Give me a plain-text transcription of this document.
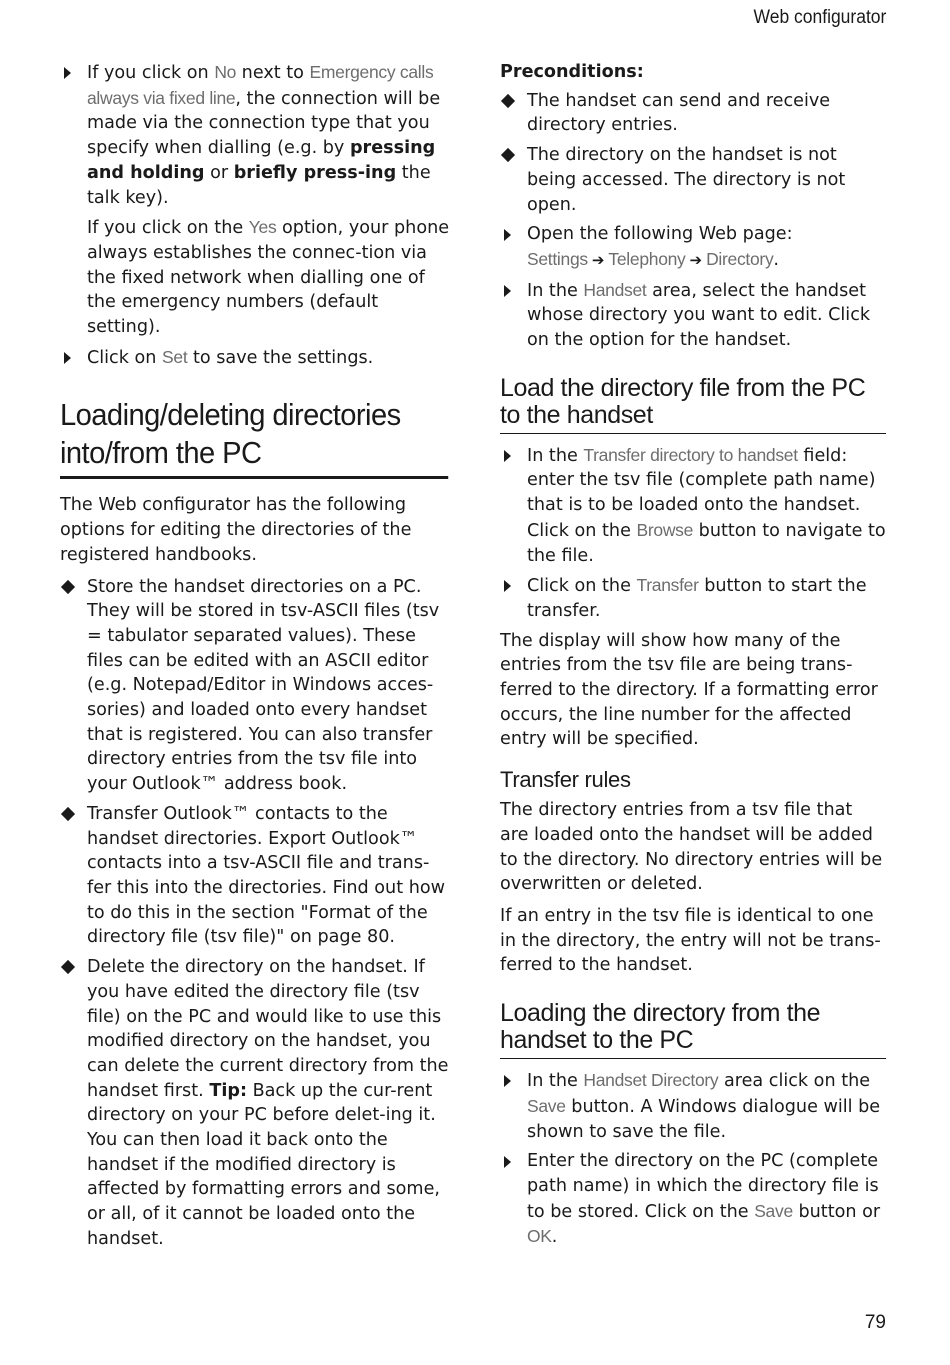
Web configurator
If you click on No next to Emergency calls always via fixed line, the connection will be made via the connection type that you specify when dialling (e.g. by pressing and holding or briefly press-ing the talk key).
If you click on the Yes option, your phone always establishes the connec-tion via the fixed network when dialling one of the emergency numbers (default setting).
Click on Set to save the settings.
Loading/deleting directories into/from the PC
The Web configurator has the following options for editing the directories of the registered handbooks.
Store the handset directories on a PC. They will be stored in tsv-ASCII files (tsv = tabulator separated values). These files can be edited with an ASCII editor (e.g. Notepad/Editor in Windows acces-sories) and loaded onto every handset that is registered. You can also transfer directory entries from the tsv file into your Outlook™ address book.
Transfer Outlook™ contacts to the handset directories. Export Outlook™ contacts into a tsv-ASCII file and trans-fer this into the directories. Find out how to do this in the section "Format of the directory file (tsv file)" on page 80.
Delete the directory on the handset. If you have edited the directory file (tsv file) on the PC and would like to use this modified directory on the handset, you can delete the current directory from the handset first. Tip: Back up the cur-rent directory on your PC before delet-ing it. You can then load it back onto the handset if the modified directory is affected by formatting errors and some, or all, of it cannot be loaded onto the handset.
Preconditions:
The handset can send and receive directory entries.
The directory on the handset is not being accessed. The directory is not open.
Open the following Web page:
Settings ➔ Telephony ➔ Directory.
In the Handset area, select the handset whose directory you want to edit. Click on the option for the handset.
Load the directory file from the PC to the handset
In the Transfer directory to handset field: enter the tsv file (complete path name) that is to be loaded onto the handset. Click on the Browse button to navigate to the file.
Click on the Transfer button to start the transfer.
The display will show how many of the entries from the tsv file are being trans-ferred to the directory. If a formatting error occurs, the line number for the affected entry will be specified.
Transfer rules
The directory entries from a tsv file that are loaded onto the handset will be added to the directory. No directory entries will be overwritten or deleted.
If an entry in the tsv file is identical to one in the directory, the entry will not be trans-ferred to the handset.
Loading the directory from the handset to the PC
In the Handset Directory area click on the Save button. A Windows dialogue will be shown to save the file.
Enter the directory on the PC (complete path name) in which the directory file is to be stored. Click on the Save button or OK.
79
